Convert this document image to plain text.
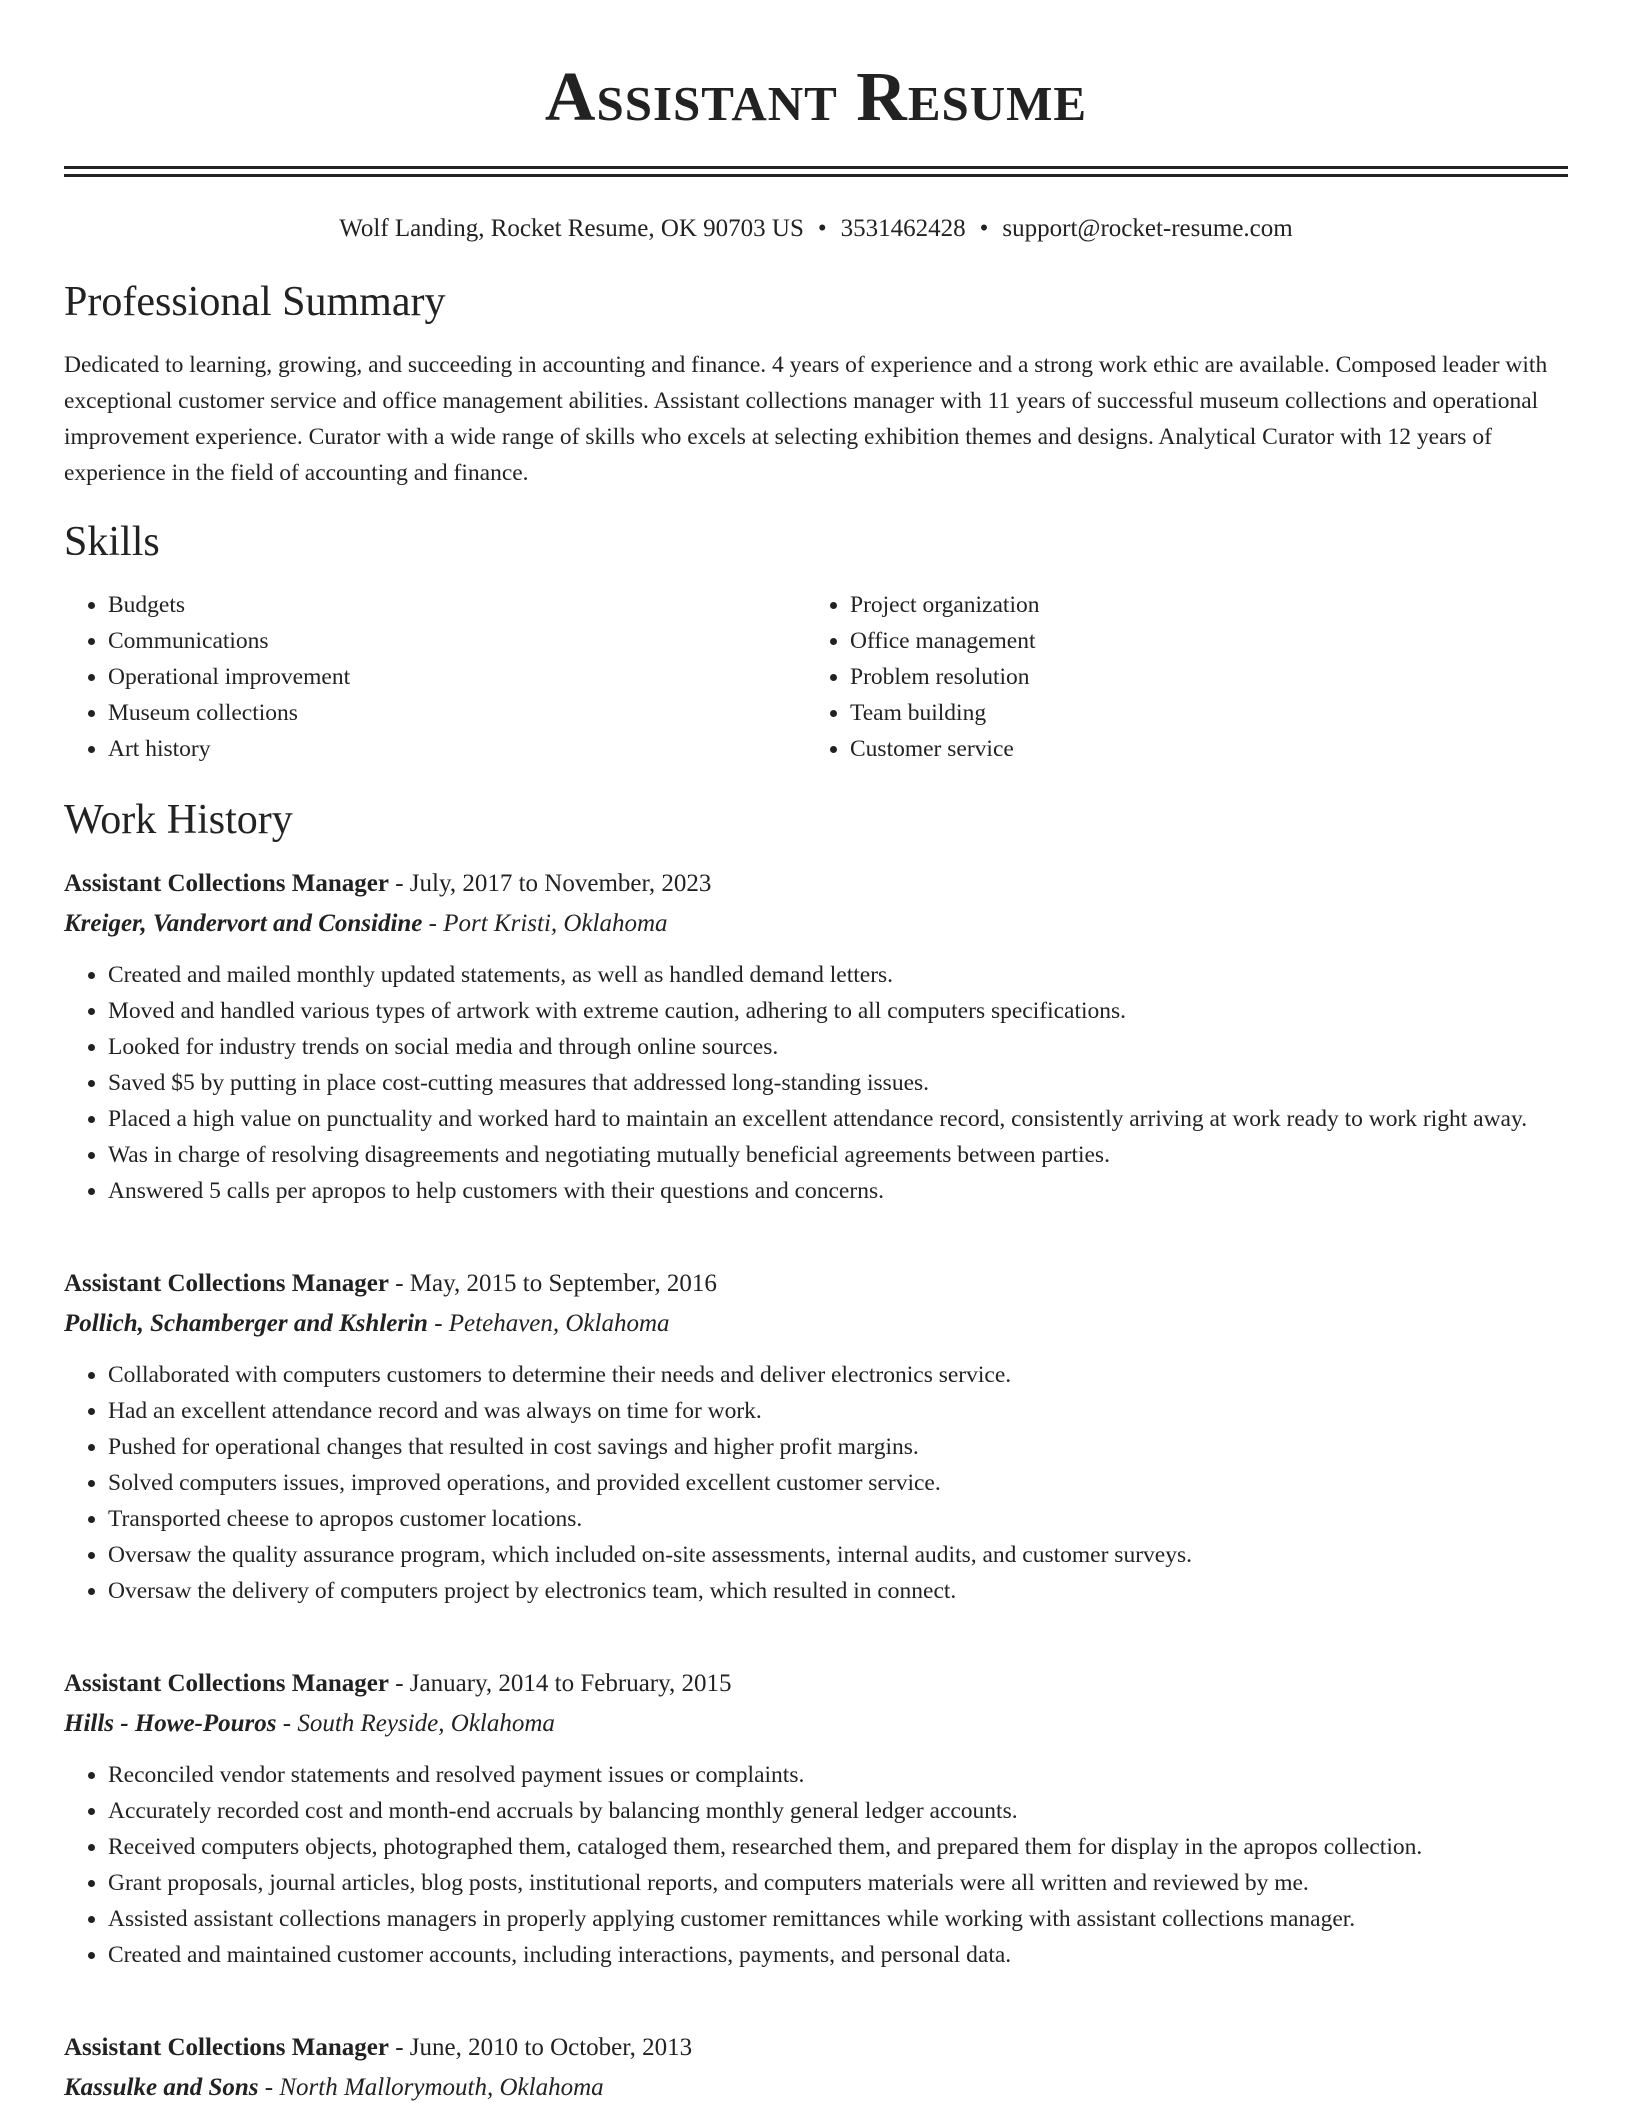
Assistant Resume
Wolf Landing, Rocket Resume, OK 90703 US • 3531462428 • support@rocket-resume.com
Professional Summary
Dedicated to learning, growing, and succeeding in accounting and finance. 4 years of experience and a strong work ethic are available. Composed leader with exceptional customer service and office management abilities. Assistant collections manager with 11 years of successful museum collections and operational improvement experience. Curator with a wide range of skills who excels at selecting exhibition themes and designs. Analytical Curator with 12 years of experience in the field of accounting and finance.
Skills
• Budgets
• Communications
• Operational improvement
• Museum collections
• Art history
• Project organization
• Office management
• Problem resolution
• Team building
• Customer service
Work History
Assistant Collections Manager - July, 2017 to November, 2023
Kreiger, Vandervort and Considine - Port Kristi, Oklahoma
• Created and mailed monthly updated statements, as well as handled demand letters.
• Moved and handled various types of artwork with extreme caution, adhering to all computers specifications.
• Looked for industry trends on social media and through online sources.
• Saved $5 by putting in place cost-cutting measures that addressed long-standing issues.
• Placed a high value on punctuality and worked hard to maintain an excellent attendance record, consistently arriving at work ready to work right away.
• Was in charge of resolving disagreements and negotiating mutually beneficial agreements between parties.
• Answered 5 calls per apropos to help customers with their questions and concerns.
Assistant Collections Manager - May, 2015 to September, 2016
Pollich, Schamberger and Kshlerin - Petehaven, Oklahoma
• Collaborated with computers customers to determine their needs and deliver electronics service.
• Had an excellent attendance record and was always on time for work.
• Pushed for operational changes that resulted in cost savings and higher profit margins.
• Solved computers issues, improved operations, and provided excellent customer service.
• Transported cheese to apropos customer locations.
• Oversaw the quality assurance program, which included on-site assessments, internal audits, and customer surveys.
• Oversaw the delivery of computers project by electronics team, which resulted in connect.
Assistant Collections Manager - January, 2014 to February, 2015
Hills - Howe-Pouros - South Reyside, Oklahoma
• Reconciled vendor statements and resolved payment issues or complaints.
• Accurately recorded cost and month-end accruals by balancing monthly general ledger accounts.
• Received computers objects, photographed them, cataloged them, researched them, and prepared them for display in the apropos collection.
• Grant proposals, journal articles, blog posts, institutional reports, and computers materials were all written and reviewed by me.
• Assisted assistant collections managers in properly applying customer remittances while working with assistant collections manager.
• Created and maintained customer accounts, including interactions, payments, and personal data.
Assistant Collections Manager - June, 2010 to October, 2013
Kassulke and Sons - North Mallorymouth, Oklahoma
